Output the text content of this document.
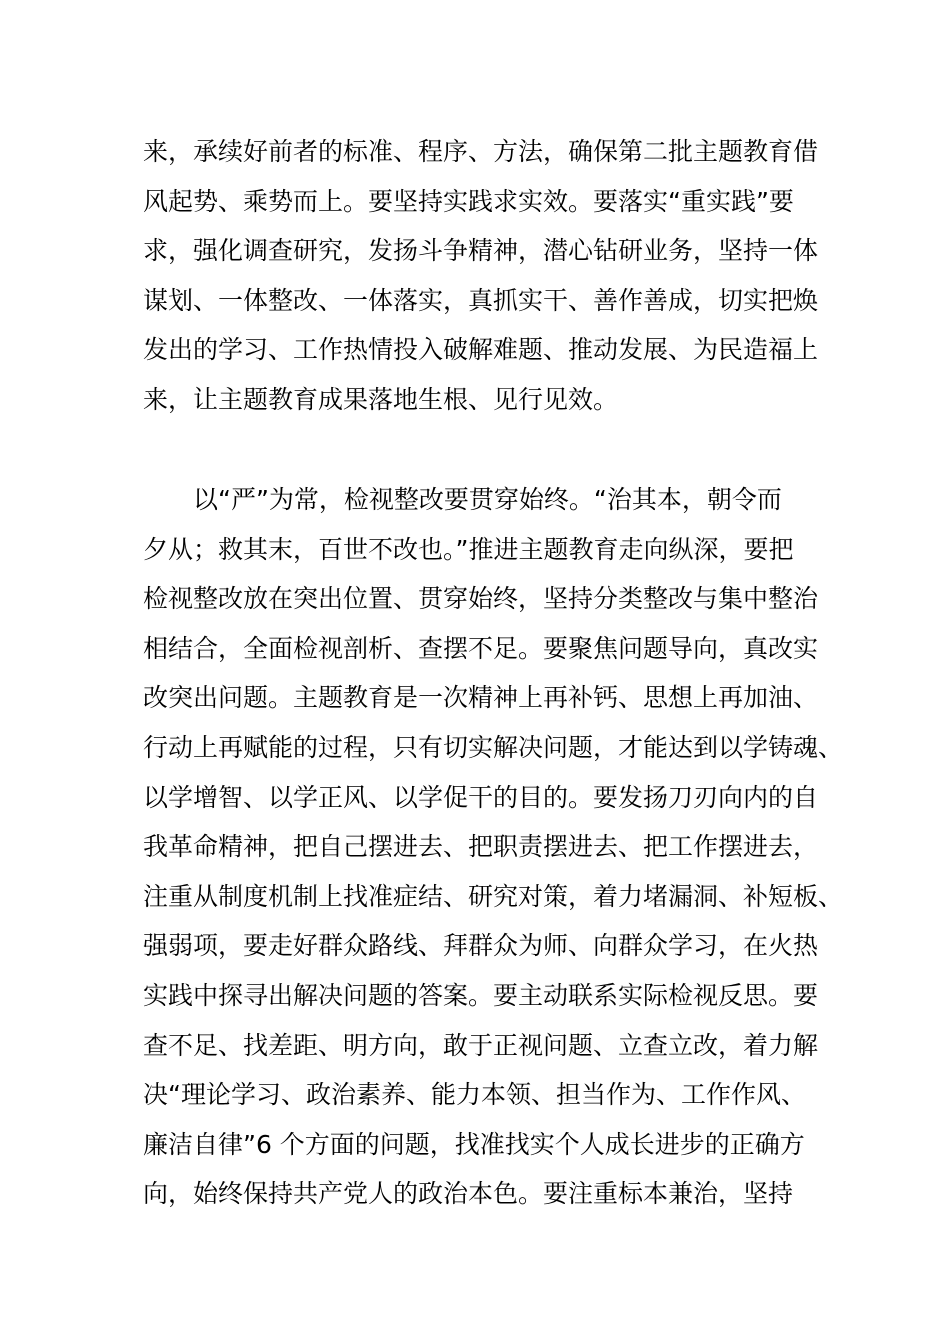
来，承续好前者的标准、程序、方法，确保第二批主题教育借
风起势、乘势而上。要坚持实践求实效。要落实“重实践”要
求，强化调查研究，发扬斗争精神，潜心钻研业务，坚持一体
谋划、一体整改、一体落实，真抓实干、善作善成，切实把焕
发出的学习、工作热情投入破解难题、推动发展、为民造福上
来，让主题教育成果落地生根、见行见效。
以“严”为常，检视整改要贯穿始终。“治其本，朝令而
夕从；救其末，百世不改也。”推进主题教育走向纵深，要把
检视整改放在突出位置、贯穿始终，坚持分类整改与集中整治
相结合，全面检视剖析、查摆不足。要聚焦问题导向，真改实
改突出问题。主题教育是一次精神上再补钙、思想上再加油、
行动上再赋能的过程，只有切实解决问题，才能达到以学铸魂、
以学增智、以学正风、以学促干的目的。要发扬刀刃向内的自
我革命精神，把自己摆进去、把职责摆进去、把工作摆进去，
注重从制度机制上找准症结、研究对策，着力堵漏洞、补短板、
强弱项，要走好群众路线、拜群众为师、向群众学习，在火热
实践中探寻出解决问题的答案。要主动联系实际检视反思。要
查不足、找差距、明方向，敢于正视问题、立查立改，着力解
决“理论学习、政治素养、能力本领、担当作为、工作作风、
廉洁自律”6 个方面的问题，找准找实个人成长进步的正确方
向，始终保持共产党人的政治本色。要注重标本兼治，坚持
